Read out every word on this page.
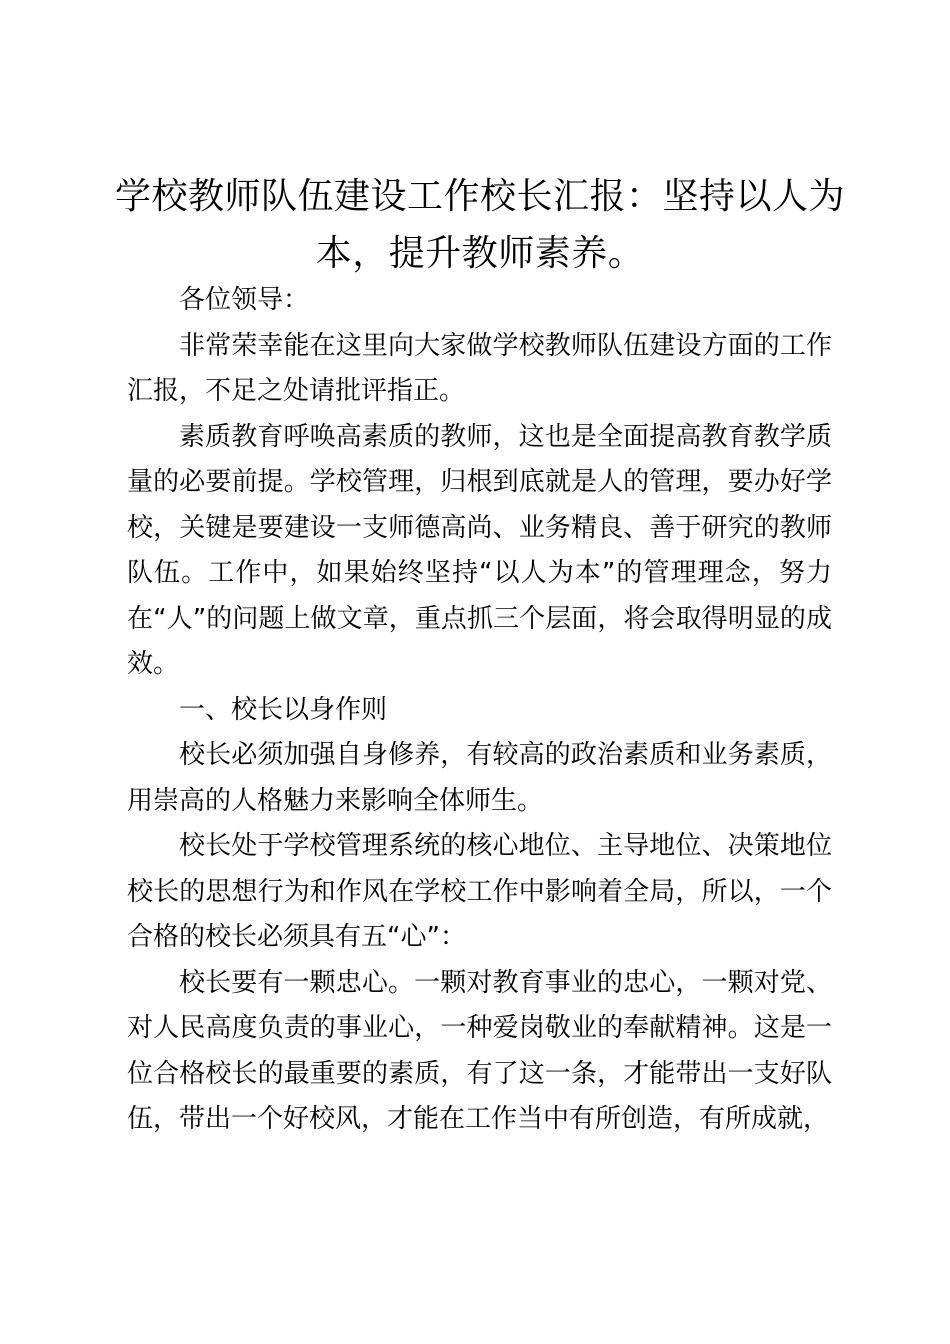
学校教师队伍建设工作校长汇报：坚持以人为本，提升教师素养。

各位领导：

非常荣幸能在这里向大家做学校教师队伍建设方面的工作汇报，不足之处请批评指正。

素质教育呼唤高素质的教师，这也是全面提高教育教学质量的必要前提。学校管理，归根到底就是人的管理，要办好学校，关键是要建设一支师德高尚、业务精良、善于研究的教师队伍。工作中，如果始终坚持“以人为本”的管理理念，努力在“人”的问题上做文章，重点抓三个层面，将会取得明显的成效。

一、校长以身作则

校长必须加强自身修养，有较高的政治素质和业务素质，用崇高的人格魅力来影响全体师生。

校长处于学校管理系统的核心地位、主导地位、决策地位校长的思想行为和作风在学校工作中影响着全局，所以，一个合格的校长必须具有五“心”：

校长要有一颗忠心。一颗对教育事业的忠心，一颗对党、对人民高度负责的事业心，一种爱岗敬业的奉献精神。这是一位合格校长的最重要的素质，有了这一条，才能带出一支好队伍，带出一个好校风，才能在工作当中有所创造，有所成就，
